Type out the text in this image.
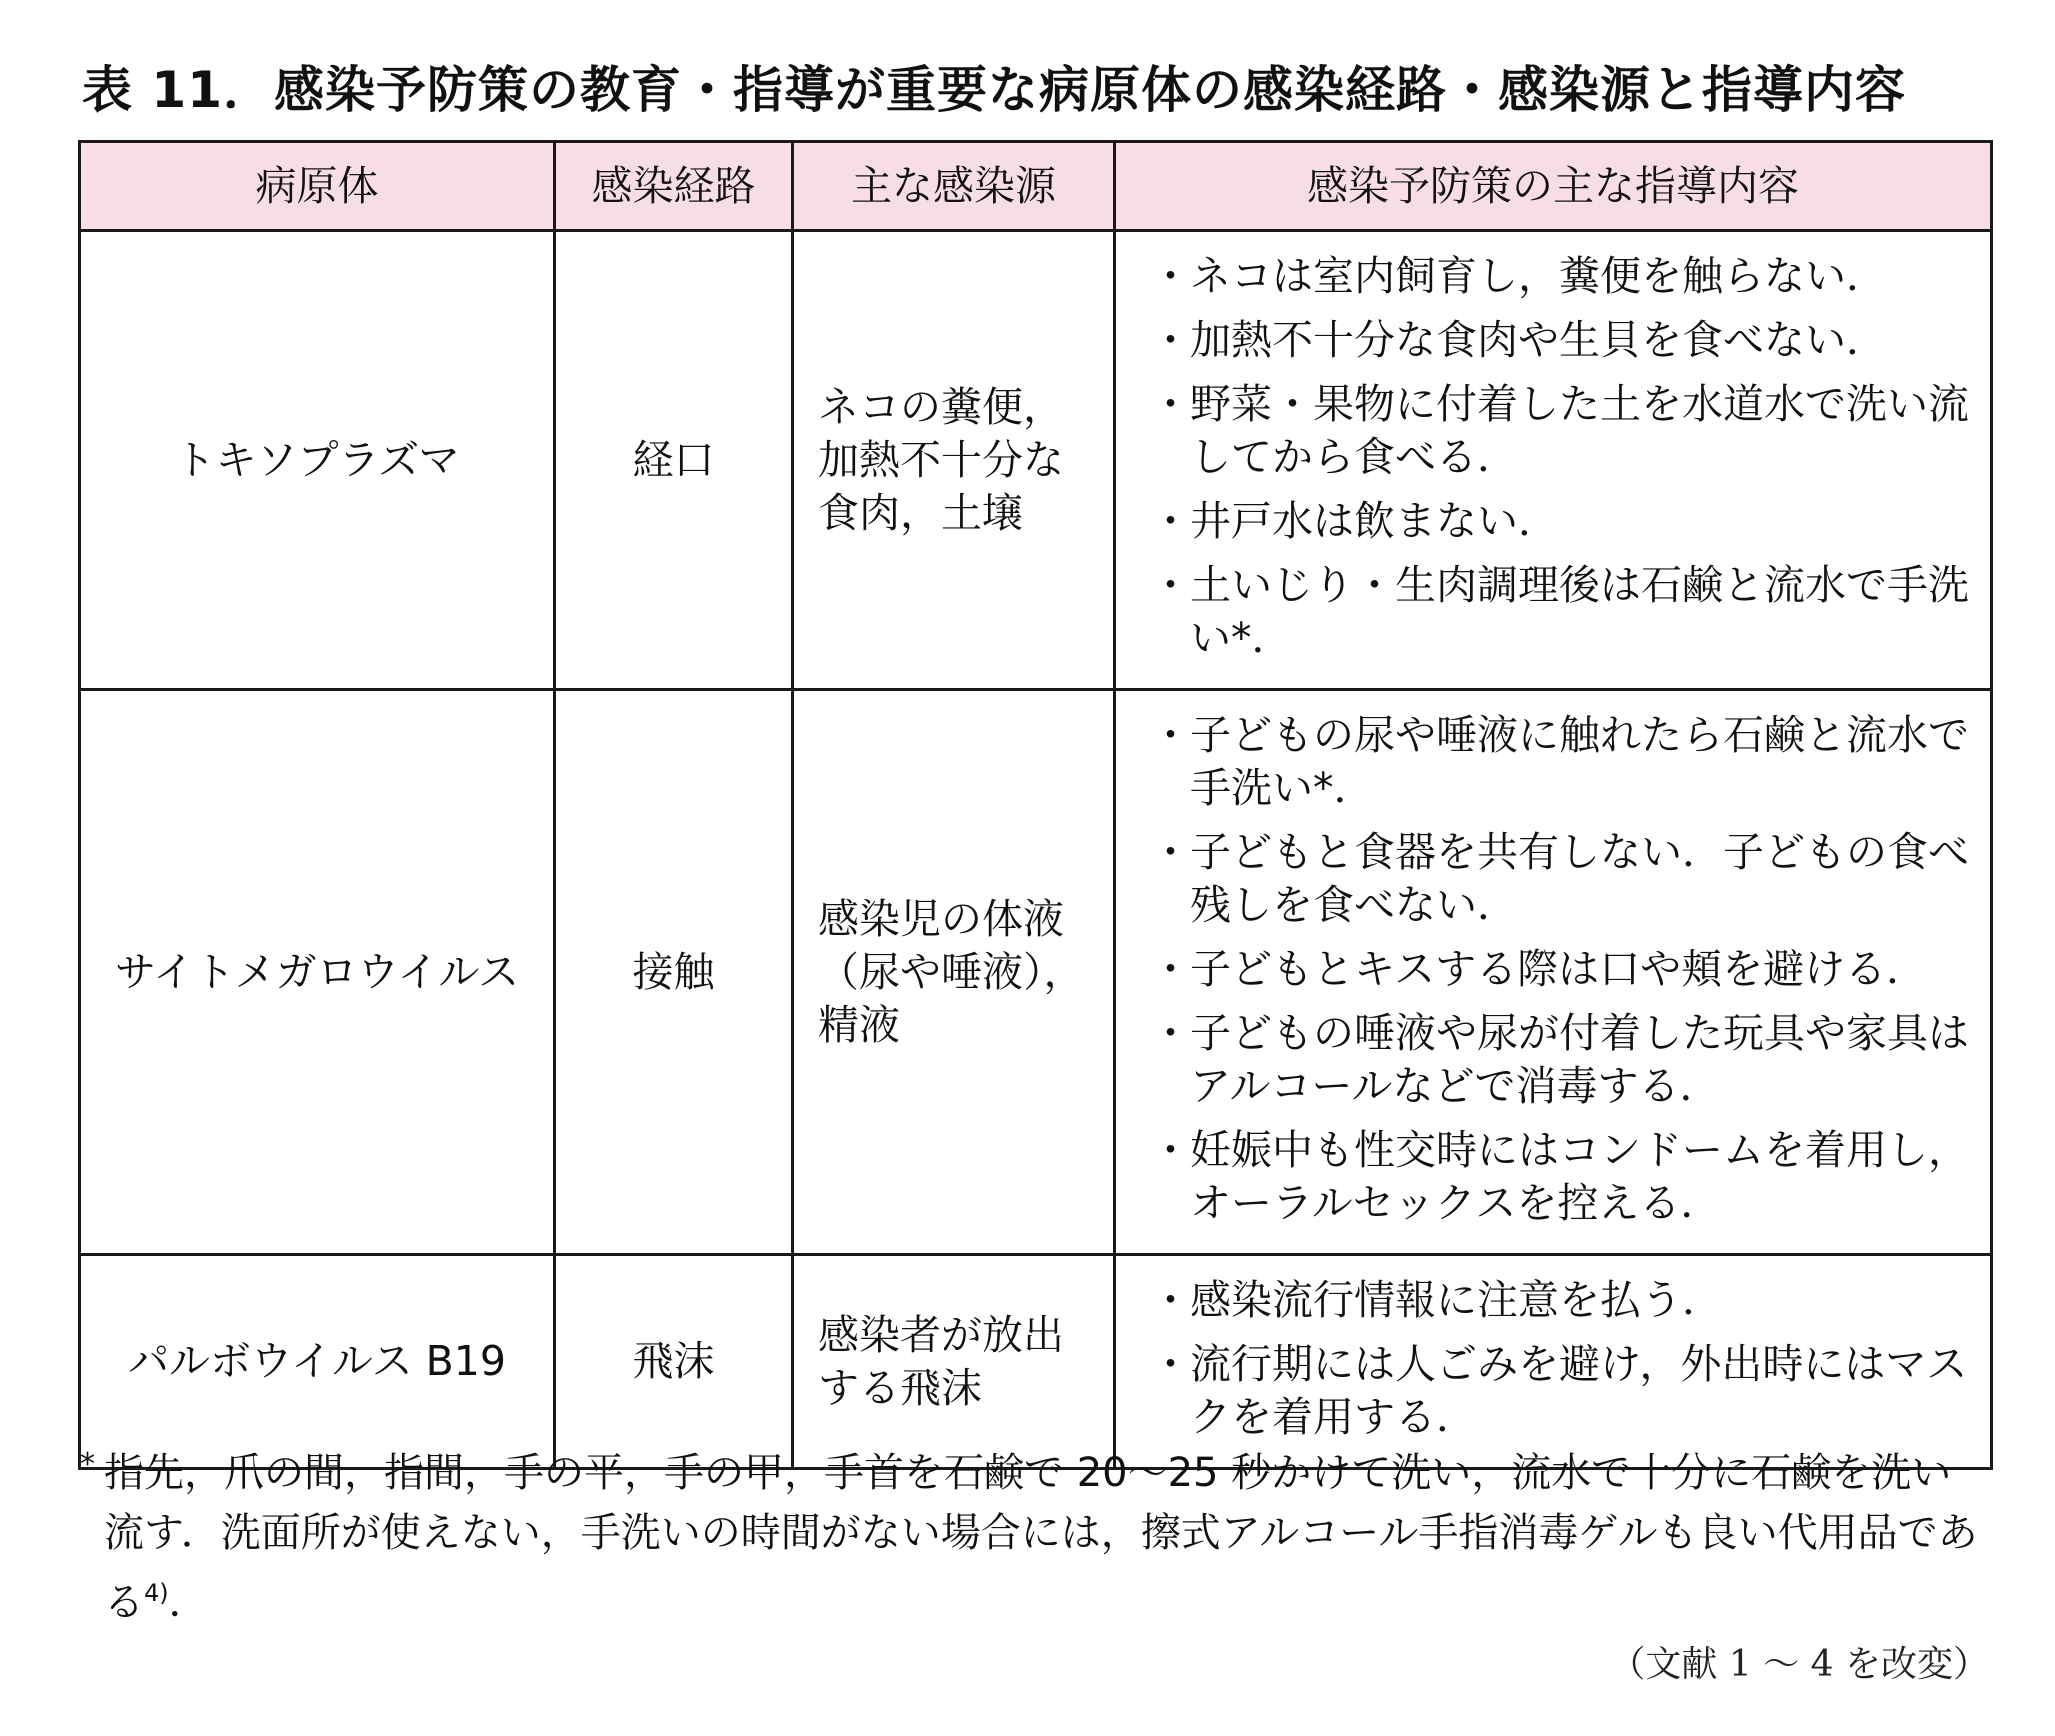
表 11．感染予防策の教育・指導が重要な病原体の感染経路・感染源と指導内容
病原体	感染経路	主な感染源	感染予防策の主な指導内容
トキソプラズマ	経口	ネコの糞便，加熱不十分な食肉，土壌	・ ネコは室内飼育し，糞便を触らない．
・ 加熱不十分な食肉や生貝を食べない．
・ 野菜・果物に付着した土を水道水で洗い流してから食べる．
・ 井戸水は飲まない．
・ 土いじり・生肉調理後は石鹸と流水で手洗い*．

サイトメガロウイルス	接触	感染児の体液（尿や唾液），精液	・ 子どもの尿や唾液に触れたら石鹸と流水で手洗い*．
・ 子どもと食器を共有しない．子どもの食べ残しを食べない．
・ 子どもとキスする際は口や頬を避ける．
・ 子どもの唾液や尿が付着した玩具や家具はアルコールなどで消毒する．
・ 妊娠中も性交時にはコンドームを着用し，オーラルセックスを控える．

パルボウイルス B19	飛沫	感染者が放出する飛沫	・ 感染流行情報に注意を払う．
・ 流行期には人ごみを避け，外出時にはマスクを着用する．
* 指先，爪の間，指間，手の平，手の甲，手首を石鹸で 20～25 秒かけて洗い，流水で十分に石鹸を洗い流す．洗面所が使えない，手洗いの時間がない場合には，擦式アルコール手指消毒ゲルも良い代用品である$^{4)}$．
（文献 1 ～ 4 を改変）
